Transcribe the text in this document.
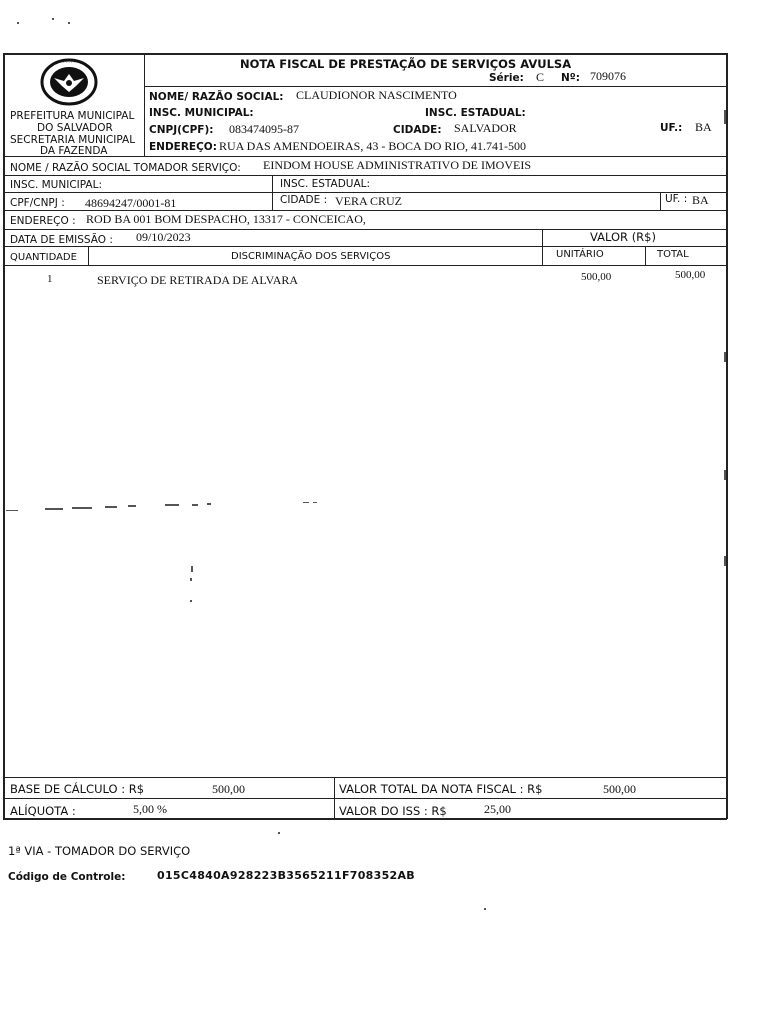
· · · · ·
PREFEITURA MUNICIPAL
DO SALVADOR
SECRETARIA MUNICIPAL
DA FAZENDA
NOTA FISCAL DE PRESTAÇÃO DE SERVIÇOS AVULSA
Série: C Nº: 709076
NOME/ RAZÃO SOCIAL: CLAUDIONOR NASCIMENTO
INSC. MUNICIPAL:	INSC. ESTADUAL:
CNPJ(CPF): 083474095-87	CIDADE: SALVADOR	UF.: BA
ENDEREÇO: RUA DAS AMENDOEIRAS, 43 - BOCA DO RIO, 41.741-500
NOME / RAZÃO SOCIAL TOMADOR SERVIÇO: EINDOM HOUSE ADMINISTRATIVO DE IMOVEIS
INSC. MUNICIPAL:	INSC. ESTADUAL:
CPF/CNPJ : 48694247/0001-81	CIDADE : VERA CRUZ	UF. : BA
ENDEREÇO : ROD BA 001 BOM DESPACHO, 13317 - CONCEICAO,
DATA DE EMISSÃO : 09/10/2023	VALOR (R$)
QUANTIDADE	DISCRIMINAÇÃO DOS SERVIÇOS	UNITÁRIO	TOTAL
1	SERVIÇO DE RETIRADA DE ALVARA	500,00	500,00
BASE DE CÁLCULO : R$	500,00	VALOR TOTAL DA NOTA FISCAL : R$	500,00
ALÍQUOTA :	5,00 %	VALOR DO ISS : R$	25,00
1ª VIA - TOMADOR DO SERVIÇO
Código de Controle:	015C4840A928223B3565211F708352AB
